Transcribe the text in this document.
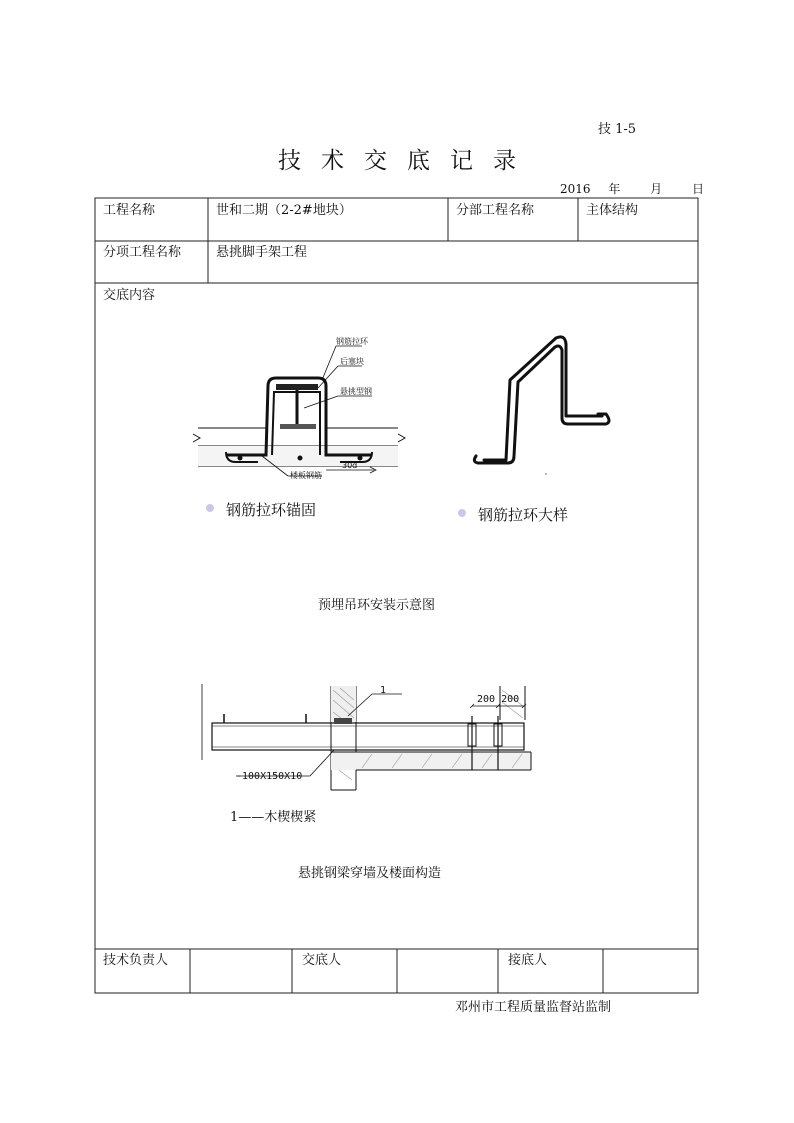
技 1-5
技术交底记录
2016 年　 月 　日
钢筋拉环
后塞块
悬挑型钢
楼板钢筋
30d
1
200 200
-100X150X10
工程名称	世和二期（2-2#地块）	分部工程名称	主体结构
分项工程名称	悬挑脚手架工程
交底内容
钢筋拉环锚固	钢筋拉环大样
预埋吊环安装示意图
1——木楔楔紧
悬挑钢梁穿墙及楼面构造
技术负责人	交底人	接底人
邓州市工程质量监督站监制
